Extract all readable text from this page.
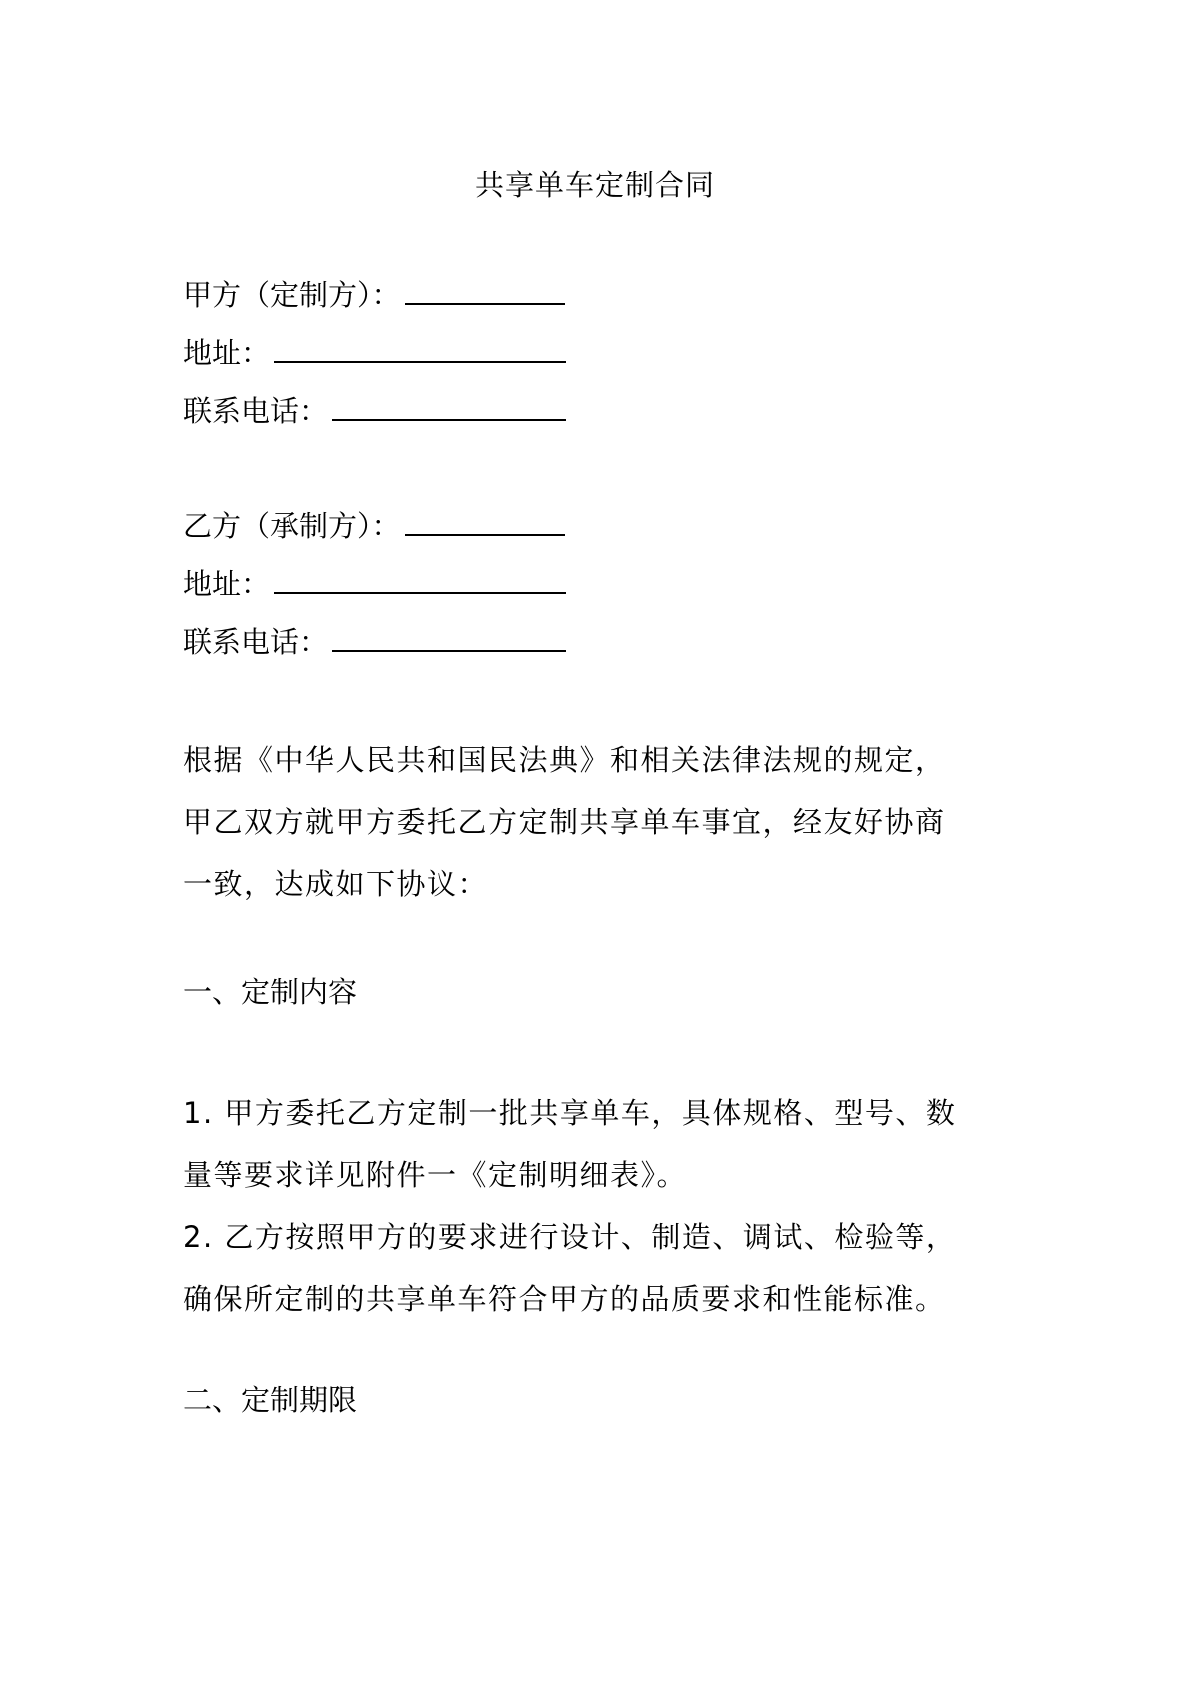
共享单车定制合同
甲方（定制方）：
地址：
联系电话：
乙方（承制方）：
地址：
联系电话：
根据《中华人民共和国民法典》和相关法律法规的规定，
甲乙双方就甲方委托乙方定制共享单车事宜，经友好协商
一致，达成如下协议：
一、定制内容
1. 甲方委托乙方定制一批共享单车，具体规格、型号、数
量等要求详见附件一《定制明细表》。
2. 乙方按照甲方的要求进行设计、制造、调试、检验等，
确保所定制的共享单车符合甲方的品质要求和性能标准。
二、定制期限
